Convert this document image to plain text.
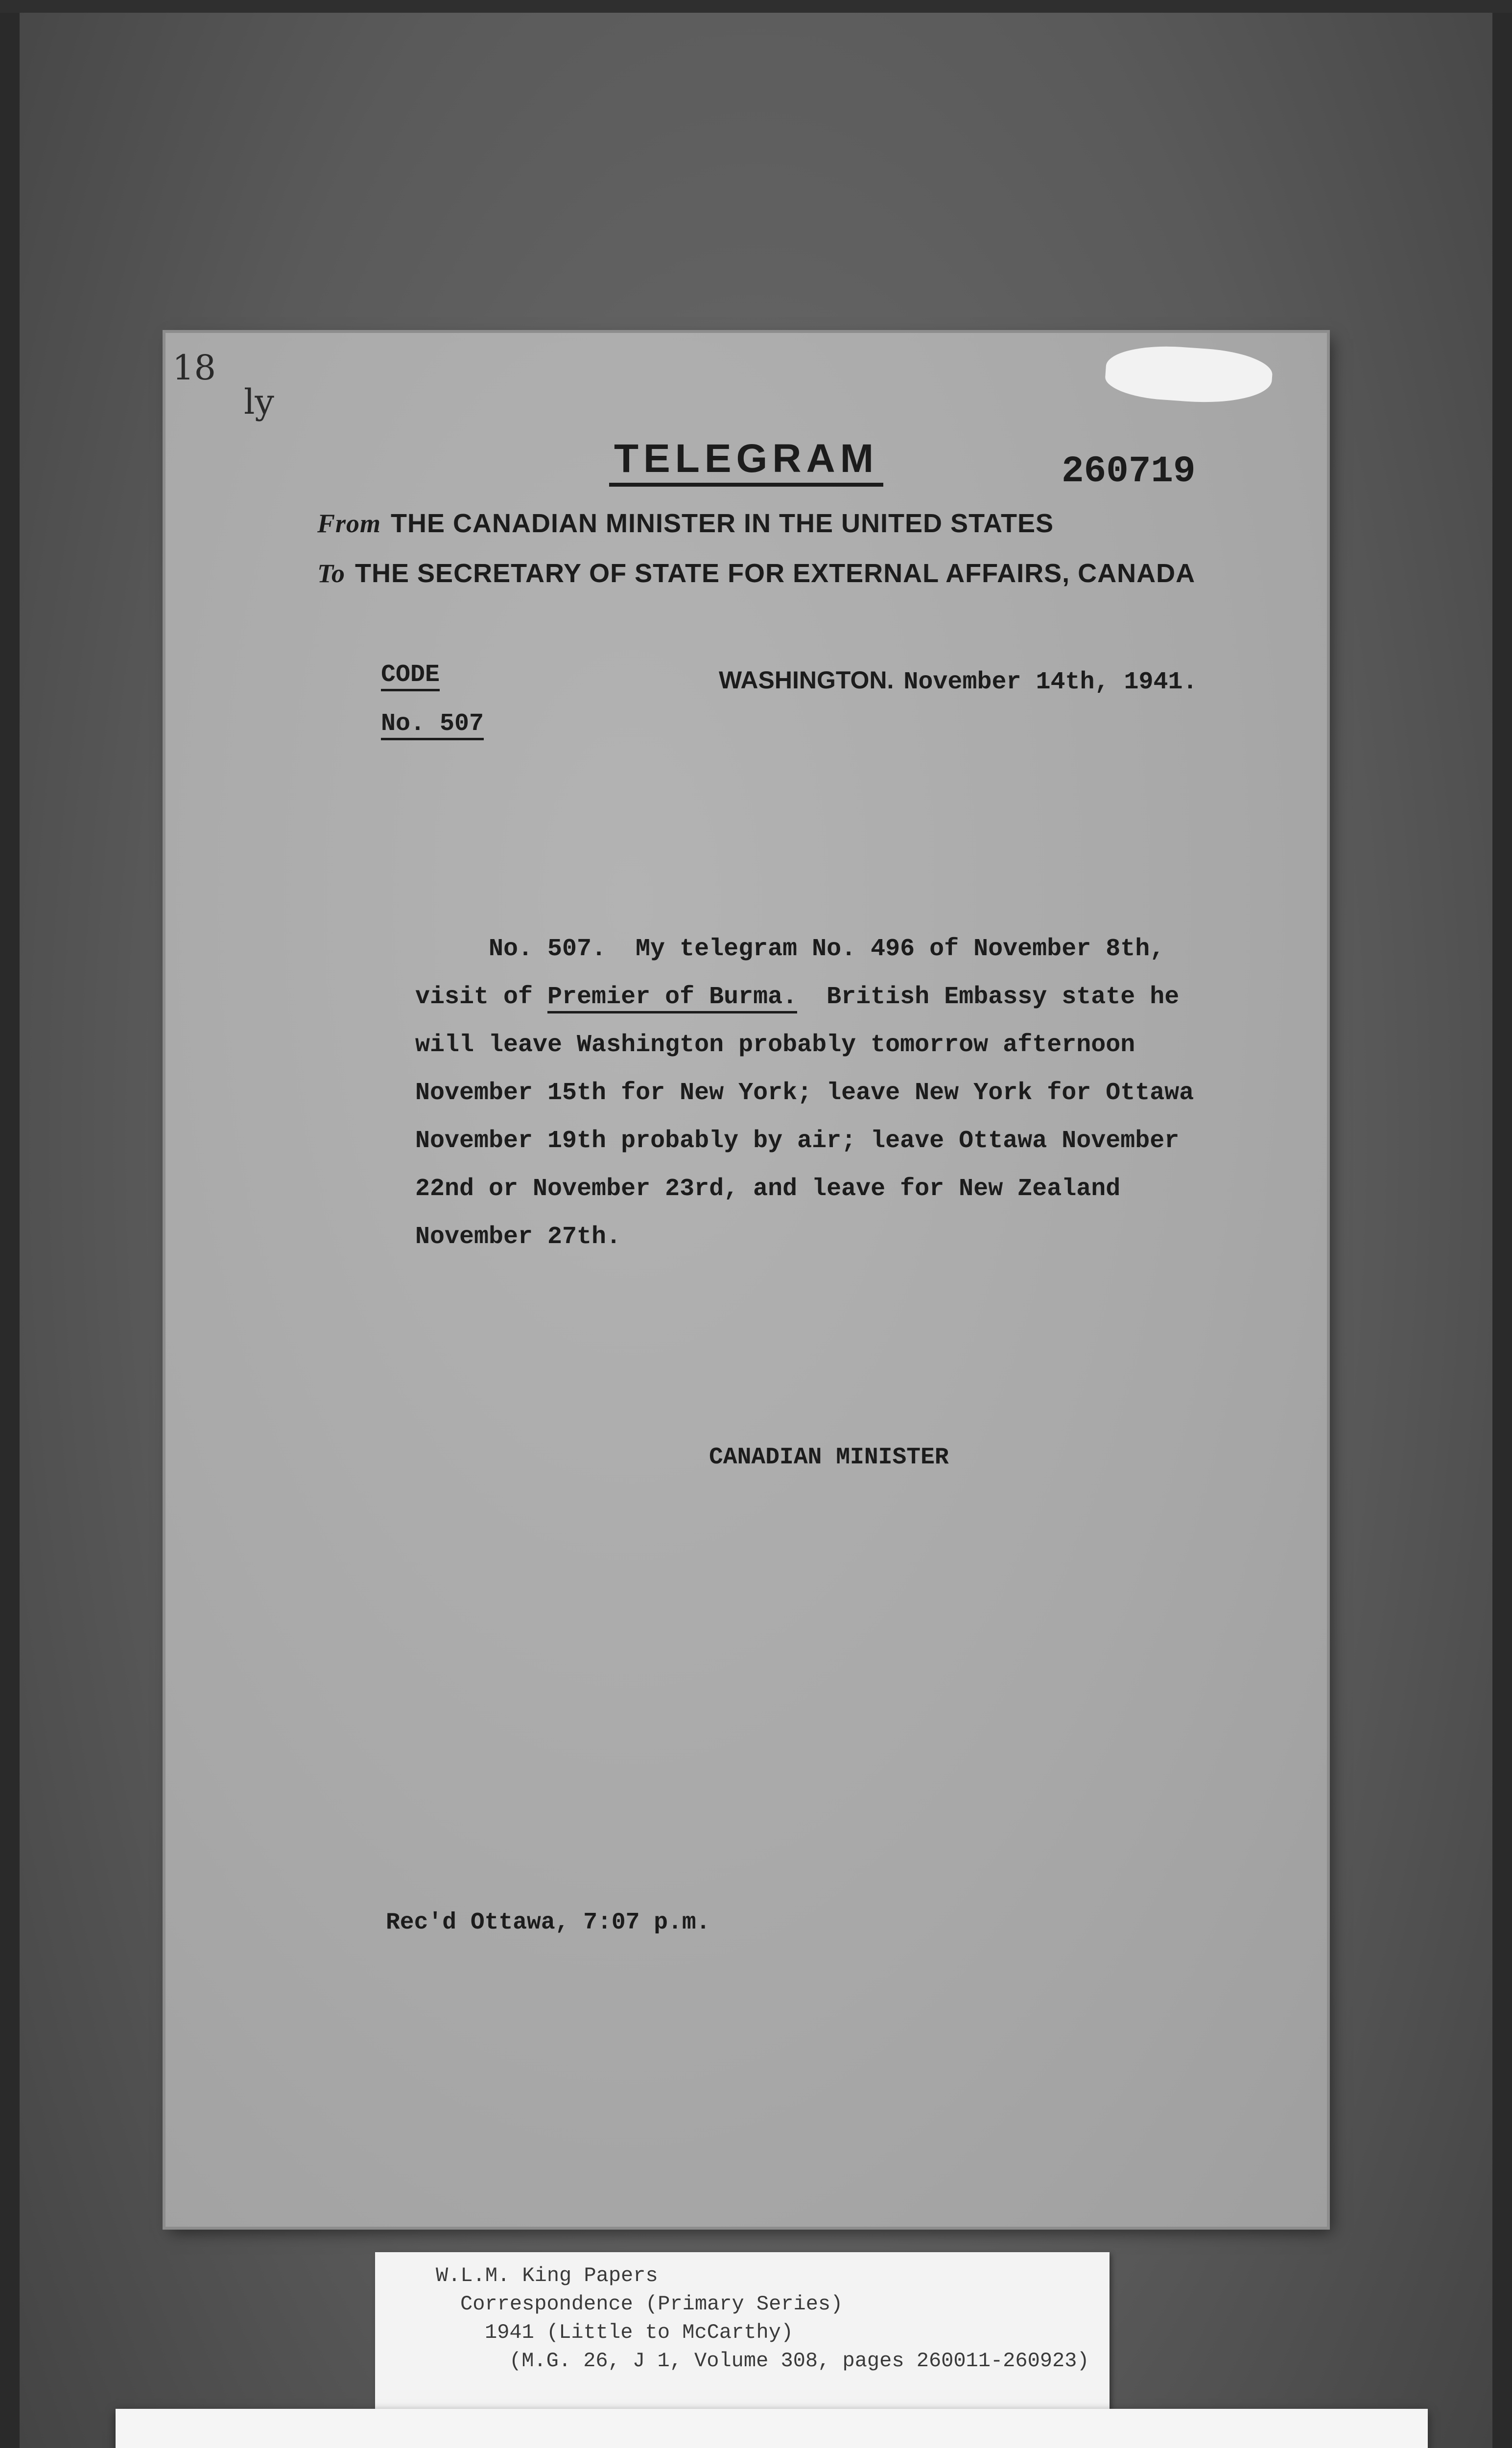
18
ly
TELEGRAM	260719
From THE CANADIAN MINISTER IN THE UNITED STATES
To THE SECRETARY OF STATE FOR EXTERNAL AFFAIRS, CANADA
CODE
No. 507
WASHINGTON. November 14th, 1941.
No. 507.  My telegram No. 496 of November 8th,
visit of Premier of Burma.  British Embassy state he
will leave Washington probably tomorrow afternoon
November 15th for New York; leave New York for Ottawa
November 19th probably by air; leave Ottawa November
22nd or November 23rd, and leave for New Zealand
November 27th.
CANADIAN MINISTER
Rec'd Ottawa, 7:07 p.m.
W.L.M. King Papers
Correspondence (Primary Series)
1941 (Little to McCarthy)
(M.G. 26, J 1, Volume 308, pages 260011-260923)
